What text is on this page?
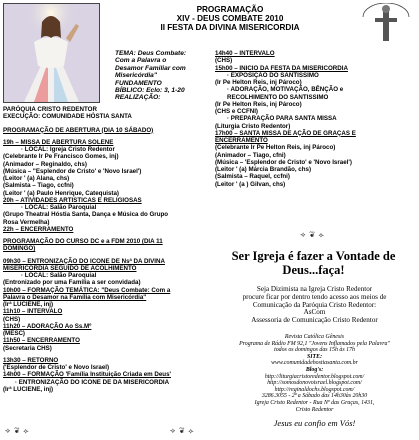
PROGRAMAÇÃO
XIV - DEUS COMBATE 2010
II FESTA DA DIVINA MISERICORDIA
TEMA: Deus Combate:
Com a Palavra o
Desamor Familiar com
Misericórdia"
FUNDAMENTO
BÍBLICO: Eclo: 3, 1-20
REALIZAÇÃO:
PARÓQUIA CRISTO REDENTOR
EXECUÇÃO: COMUNIDADE HÓSTIA SANTA
PROGRAMAÇÃO DE ABERTURA (DIA 10 SÁBADO)
19h – MISSA DE ABERTURA SOLENE
· LOCAL: Igreja Cristo Redentor
(Celebrante Ir Pe Francisco Gomes, inj)
(Animador – Reginaldo, chs)
(Música – "Esplendor de Cristo' e 'Novo Israel')
(Leitor ' (a) Alana, chs)
(Salmista – Tiago, ccfni)
(Leitor ' (a) Paulo Henrique, Catequista)
20h – ATIVIDADES ARTISTICAS E RELIGIOSAS
· LOCAL: Salão Paroquial
(Grupo Theatral Hóstia Santa, Dança e Música do Grupo
Rosa Vermelha)
22h – ENCERRAMENTO
PROGRAMAÇÃO DO CURSO DC e a FDM 2010 (DIA 11
DOMINGO)
09h30 – ENTRONIZAÇÃO DO ICONE DE Nsª DA DIVINA
MISERICÓRDIA SEGUIDO DE ACOLHIMENTO
· LOCAL: Salão Paroquial
(Entronizado por uma Família a ser convidada)
10h00 – FORMAÇÃO TEMÁTICA: "Deus Combate: Com a
Palavra o Desamor na Família com Misericórdia"
(Irª LUCIENE, inj)
11h10 – INTERVALO
(CHS)
11h20 – ADORAÇÃO Ao Ss.Mº
(MESC)
11h50 – ENCERRAMENTO
(Secretaria CHS)
13h30 – RETORNO
('Esplendor de Cristo' e Novo Israel)
14h00 – FORMAÇÃO 'Família Instituição Criada em Deus'
· ENTRONIZAÇÃO DO ICONE DE DA MISERICORDIA
(Irª LUCIENE, inj)
14h40 – INTERVALO
(CHS)
15h00 – INICIO DA FESTA DA MISERICORDIA
· EXPOSIÇÃO DO SANTISSIMO
(Ir Pe Helton Reis, inj Pároco)
· ADORAÇÃO, MOTIVAÇÃO, BÊNÇÃO e
RECOLHIMENTO DO SANTISSIMO
(Ir Pe Helton Reis, inj Pároco)
(CHS e CCFNI)
· PREPARAÇÃO PARA SANTA MISSA
(Liturgia Cristo Redentor)
17h00 – SANTA MISSA DE AÇÃO DE GRAÇAS E
ENCERRAMENTO
(Celebrante Ir Pe Helton Reis, inj Pároco)
(Animador – Tiago, cfni)
(Música – 'Esplendor de Cristo' e 'Novo Israel')
(Leitor ' (a) Márcia Brandão, chs)
(Salmista – Raquel, ccfni)
(Leitor ' (a ) Gilvan, chs)
⟢ ❦ ⟣
⟢ ❦ ⟣	⟢ ❦ ⟣
Ser Igreja é fazer a Vontade de
Deus...faça!
Seja Dizimista na Igreja Cristo Redentor
procure ficar por dentro tendo acesso aos meios de
Comunicação da Paróquia Cristo Redentor:
AsCom
Assessoria de Comunicação Cristo Redentor
Revista Católica Gênesis
Programa de Rádio FM 92,1 "Jovens Inflamados pela Palavra"
todos os domingos das 15h às 17h
SITE:
www.comunidadehostiasanta.com.br
Blog's:
http://liturgiacristoredentor.blogspot.com/
http://somosdonovoisrael.blogspot.com/
http://reginaldochs.blogspot.com/
3286.3055 - 2ª a Sábado das 14h30às 20h30
Igreja Cristo Redentor - Rua Nº das Graças, 1431,
Cristo Redentor
Jesus eu confio em Vós!
